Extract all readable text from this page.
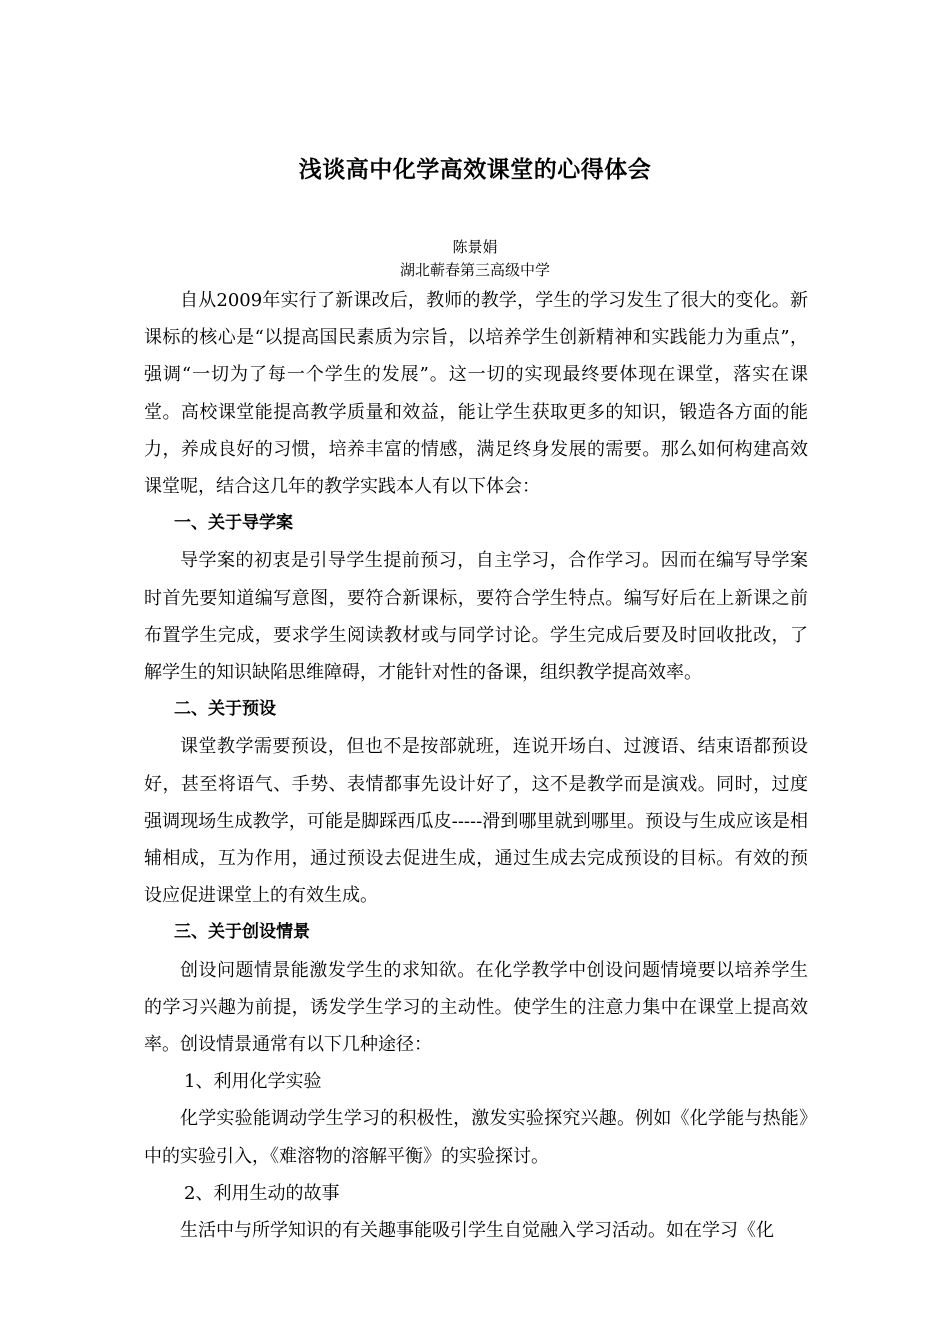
浅谈高中化学高效课堂的心得体会
陈景娟
湖北蕲春第三高级中学

自从2009年实行了新课改后，教师的教学，学生的学习发生了很大的变化。新课标的核心是“以提高国民素质为宗旨，以培养学生创新精神和实践能力为重点”，强调“一切为了每一个学生的发展”。这一切的实现最终要体现在课堂，落实在课堂。高校课堂能提高教学质量和效益，能让学生获取更多的知识，锻造各方面的能力，养成良好的习惯，培养丰富的情感，满足终身发展的需要。那么如何构建高效课堂呢，结合这几年的教学实践本人有以下体会：

一、关于导学案

导学案的初衷是引导学生提前预习，自主学习，合作学习。因而在编写导学案时首先要知道编写意图，要符合新课标，要符合学生特点。编写好后在上新课之前布置学生完成，要求学生阅读教材或与同学讨论。学生完成后要及时回收批改，了解学生的知识缺陷思维障碍，才能针对性的备课，组织教学提高效率。

二、关于预设

课堂教学需要预设，但也不是按部就班，连说开场白、过渡语、结束语都预设好，甚至将语气、手势、表情都事先设计好了，这不是教学而是演戏。同时，过度强调现场生成教学，可能是脚踩西瓜皮-----滑到哪里就到哪里。预设与生成应该是相辅相成，互为作用，通过预设去促进生成，通过生成去完成预设的目标。有效的预设应促进课堂上的有效生成。

三、关于创设情景

创设问题情景能激发学生的求知欲。在化学教学中创设问题情境要以培养学生的学习兴趣为前提，诱发学生学习的主动性。使学生的注意力集中在课堂上提高效率。创设情景通常有以下几种途径：

1、利用化学实验

化学实验能调动学生学习的积极性，激发实验探究兴趣。例如《化学能与热能》中的实验引入，《难溶物的溶解平衡》的实验探讨。

2、利用生动的故事

生活中与所学知识的有关趣事能吸引学生自觉融入学习活动。如在学习《化
